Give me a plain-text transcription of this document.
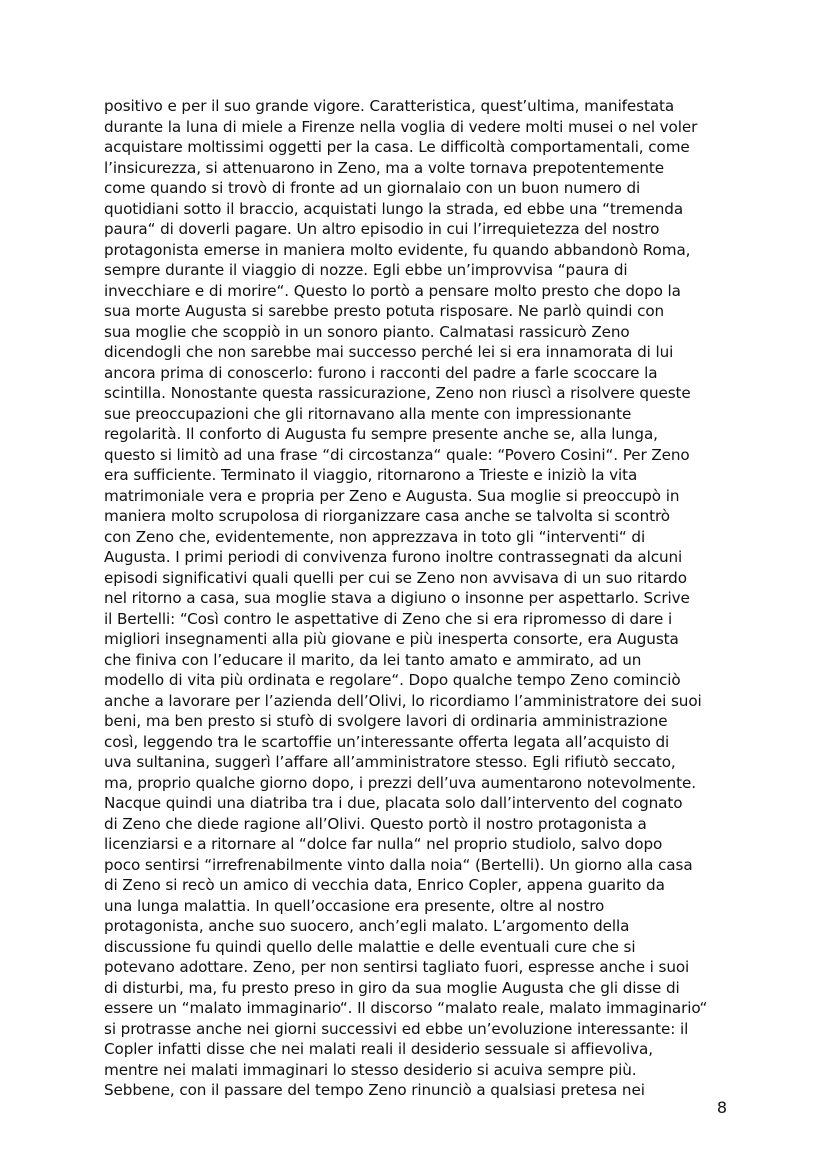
positivo e per il suo grande vigore. Caratteristica, quest’ultima, manifestata
durante la luna di miele a Firenze nella voglia di vedere molti musei o nel voler
acquistare moltissimi oggetti per la casa. Le difficoltà comportamentali, come
l’insicurezza, si attenuarono in Zeno, ma a volte tornava prepotentemente
come quando si trovò di fronte ad un giornalaio con un buon numero di
quotidiani sotto il braccio, acquistati lungo la strada, ed ebbe una “tremenda
paura“ di doverli pagare. Un altro episodio in cui l’irrequietezza del nostro
protagonista emerse in maniera molto evidente, fu quando abbandonò Roma,
sempre durante il viaggio di nozze. Egli ebbe un’improvvisa “paura di
invecchiare e di morire“. Questo lo portò a pensare molto presto che dopo la
sua morte Augusta si sarebbe presto potuta risposare. Ne parlò quindi con
sua moglie che scoppiò in un sonoro pianto. Calmatasi rassicurò Zeno
dicendogli che non sarebbe mai successo perché lei si era innamorata di lui
ancora prima di conoscerlo: furono i racconti del padre a farle scoccare la
scintilla. Nonostante questa rassicurazione, Zeno non riuscì a risolvere queste
sue preoccupazioni che gli ritornavano alla mente con impressionante
regolarità. Il conforto di Augusta fu sempre presente anche se, alla lunga,
questo si limitò ad una frase “di circostanza“ quale: “Povero Cosini“. Per Zeno
era sufficiente. Terminato il viaggio, ritornarono a Trieste e iniziò la vita
matrimoniale vera e propria per Zeno e Augusta. Sua moglie si preoccupò in
maniera molto scrupolosa di riorganizzare casa anche se talvolta si scontrò
con Zeno che, evidentemente, non apprezzava in toto gli “interventi“ di
Augusta. I primi periodi di convivenza furono inoltre contrassegnati da alcuni
episodi significativi quali quelli per cui se Zeno non avvisava di un suo ritardo
nel ritorno a casa, sua moglie stava a digiuno o insonne per aspettarlo. Scrive
il Bertelli: “Così contro le aspettative di Zeno che si era ripromesso di dare i
migliori insegnamenti alla più giovane e più inesperta consorte, era Augusta
che finiva con l’educare il marito, da lei tanto amato e ammirato, ad un
modello di vita più ordinata e regolare“. Dopo qualche tempo Zeno cominciò
anche a lavorare per l’azienda dell’Olivi, lo ricordiamo l’amministratore dei suoi
beni, ma ben presto si stufò di svolgere lavori di ordinaria amministrazione
così, leggendo tra le scartoffie un’interessante offerta legata all’acquisto di
uva sultanina, suggerì l’affare all’amministratore stesso. Egli rifiutò seccato,
ma, proprio qualche giorno dopo, i prezzi dell’uva aumentarono notevolmente.
Nacque quindi una diatriba tra i due, placata solo dall’intervento del cognato
di Zeno che diede ragione all’Olivi. Questo portò il nostro protagonista a
licenziarsi e a ritornare al “dolce far nulla“ nel proprio studiolo, salvo dopo
poco sentirsi “irrefrenabilmente vinto dalla noia“ (Bertelli). Un giorno alla casa
di Zeno si recò un amico di vecchia data, Enrico Copler, appena guarito da
una lunga malattia. In quell’occasione era presente, oltre al nostro
protagonista, anche suo suocero, anch’egli malato. L’argomento della
discussione fu quindi quello delle malattie e delle eventuali cure che si
potevano adottare. Zeno, per non sentirsi tagliato fuori, espresse anche i suoi
di disturbi, ma, fu presto preso in giro da sua moglie Augusta che gli disse di
essere un “malato immaginario“. Il discorso “malato reale, malato immaginario“
si protrasse anche nei giorni successivi ed ebbe un’evoluzione interessante: il
Copler infatti disse che nei malati reali il desiderio sessuale si affievoliva,
mentre nei malati immaginari lo stesso desiderio si acuiva sempre più.
Sebbene, con il passare del tempo Zeno rinunciò a qualsiasi pretesa nei
8
